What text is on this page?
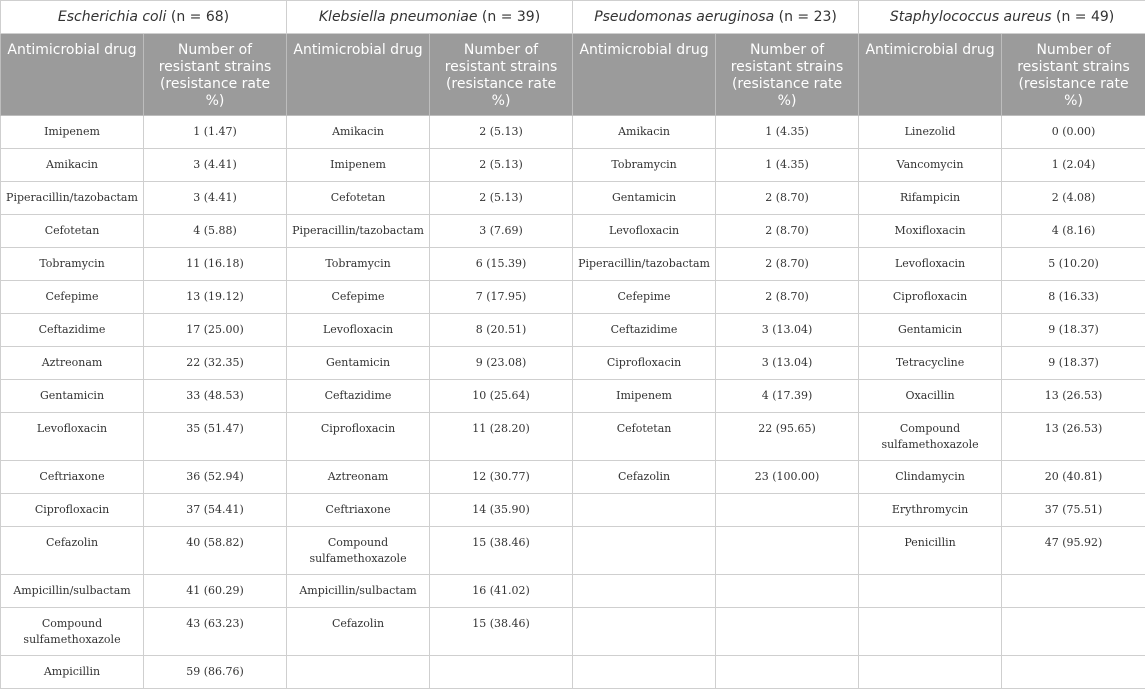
Escherichia coli (n = 68)		Klebsiella pneumoniae (n = 39)		Pseudomonas aeruginosa (n = 23)		Staphylococcus aureus (n = 49)	
Antimicrobial drug	Number of resistant strains (resistance rate %)	Antimicrobial drug	Number of resistant strains (resistance rate %)	Antimicrobial drug	Number of resistant strains (resistance rate %)	Antimicrobial drug	Number of resistant strains (resistance rate %)
Imipenem	1 (1.47)	Amikacin	2 (5.13)	Amikacin	1 (4.35)	Linezolid	0 (0.00)
Amikacin	3 (4.41)	Imipenem	2 (5.13)	Tobramycin	1 (4.35)	Vancomycin	1 (2.04)
Piperacillin/tazobactam	3 (4.41)	Cefotetan	2 (5.13)	Gentamicin	2 (8.70)	Rifampicin	2 (4.08)
Cefotetan	4 (5.88)	Piperacillin/tazobactam	3 (7.69)	Levofloxacin	2 (8.70)	Moxifloxacin	4 (8.16)
Tobramycin	11 (16.18)	Tobramycin	6 (15.39)	Piperacillin/tazobactam	2 (8.70)	Levofloxacin	5 (10.20)
Cefepime	13 (19.12)	Cefepime	7 (17.95)	Cefepime	2 (8.70)	Ciprofloxacin	8 (16.33)
Ceftazidime	17 (25.00)	Levofloxacin	8 (20.51)	Ceftazidime	3 (13.04)	Gentamicin	9 (18.37)
Aztreonam	22 (32.35)	Gentamicin	9 (23.08)	Ciprofloxacin	3 (13.04)	Tetracycline	9 (18.37)
Gentamicin	33 (48.53)	Ceftazidime	10 (25.64)	Imipenem	4 (17.39)	Oxacillin	13 (26.53)
Levofloxacin	35 (51.47)	Ciprofloxacin	11 (28.20)	Cefotetan	22 (95.65)	Compound sulfamethoxazole	13 (26.53)
Ceftriaxone	36 (52.94)	Aztreonam	12 (30.77)	Cefazolin	23 (100.00)	Clindamycin	20 (40.81)
Ciprofloxacin	37 (54.41)	Ceftriaxone	14 (35.90)			Erythromycin	37 (75.51)
Cefazolin	40 (58.82)	Compound sulfamethoxazole	15 (38.46)			Penicillin	47 (95.92)
Ampicillin/sulbactam	41 (60.29)	Ampicillin/sulbactam	16 (41.02)				
Compound sulfamethoxazole	43 (63.23)	Cefazolin	15 (38.46)				
Ampicillin	59 (86.76)						
